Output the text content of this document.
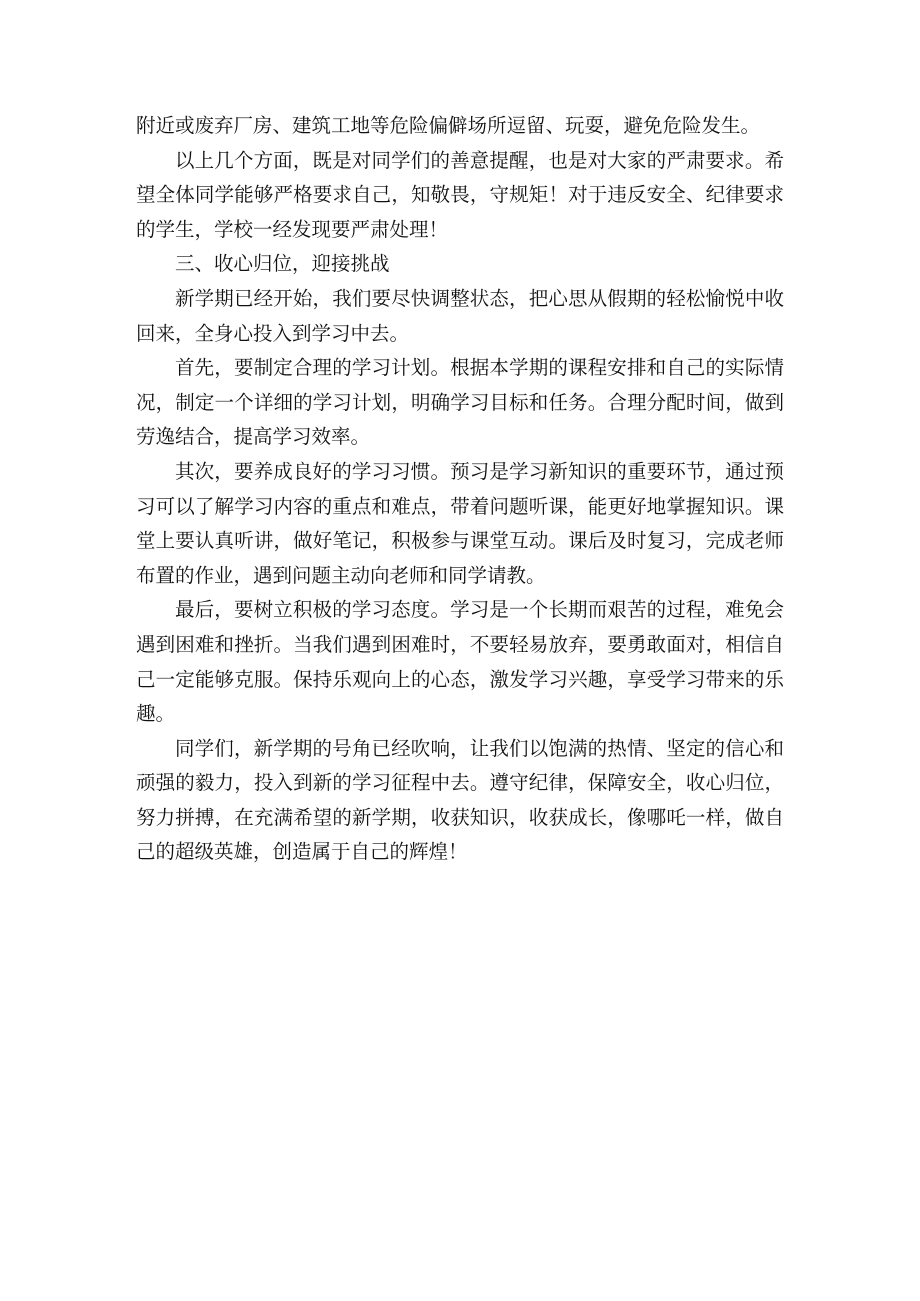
附近或废弃厂房、建筑工地等危险偏僻场所逗留、玩耍，避免危险发生。

以上几个方面，既是对同学们的善意提醒，也是对大家的严肃要求。希望全体同学能够严格要求自己，知敬畏，守规矩！对于违反安全、纪律要求的学生，学校一经发现要严肃处理！

三、收心归位，迎接挑战

新学期已经开始，我们要尽快调整状态，把心思从假期的轻松愉悦中收回来，全身心投入到学习中去。

首先，要制定合理的学习计划。根据本学期的课程安排和自己的实际情况，制定一个详细的学习计划，明确学习目标和任务。合理分配时间，做到劳逸结合，提高学习效率。

其次，要养成良好的学习习惯。预习是学习新知识的重要环节，通过预习可以了解学习内容的重点和难点，带着问题听课，能更好地掌握知识。课堂上要认真听讲，做好笔记，积极参与课堂互动。课后及时复习，完成老师布置的作业，遇到问题主动向老师和同学请教。

最后，要树立积极的学习态度。学习是一个长期而艰苦的过程，难免会遇到困难和挫折。当我们遇到困难时，不要轻易放弃，要勇敢面对，相信自己一定能够克服。保持乐观向上的心态，激发学习兴趣，享受学习带来的乐趣。

同学们，新学期的号角已经吹响，让我们以饱满的热情、坚定的信心和顽强的毅力，投入到新的学习征程中去。遵守纪律，保障安全，收心归位，努力拼搏，在充满希望的新学期，收获知识，收获成长，像哪吒一样，做自己的超级英雄，创造属于自己的辉煌！
